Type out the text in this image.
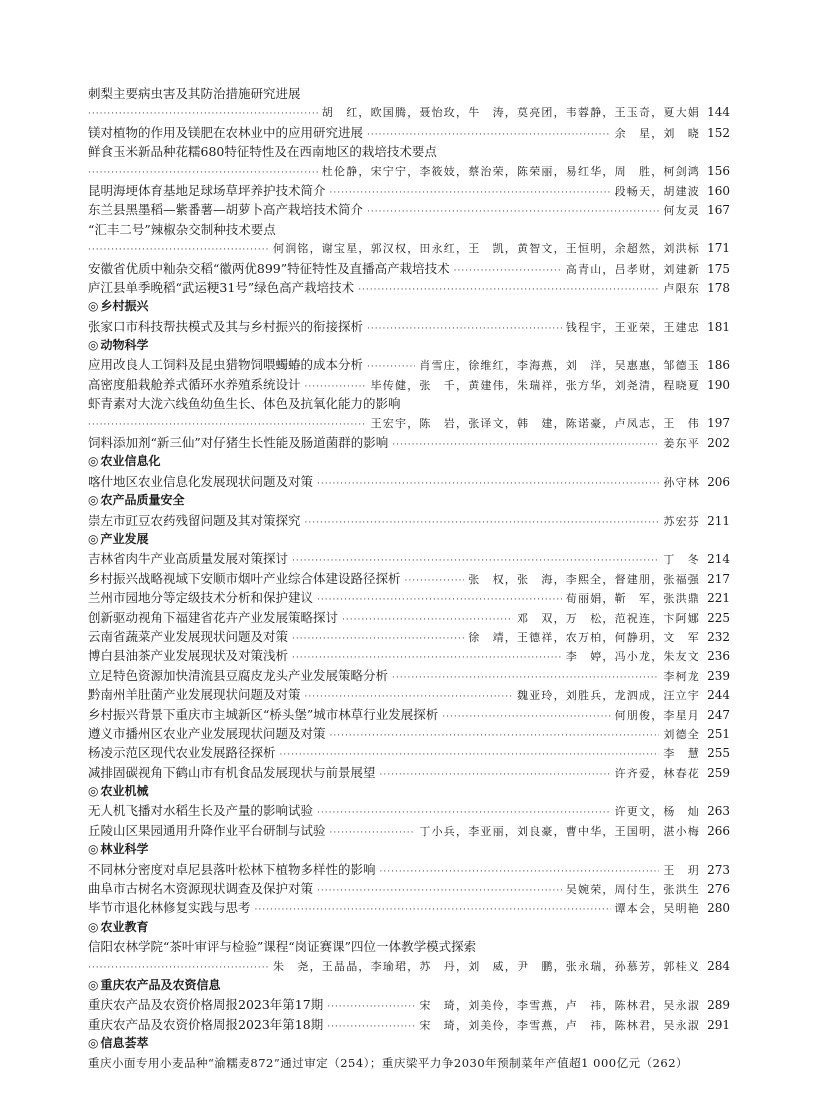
刺梨主要病虫害及其防治措施研究进展
·····
胡　红，欧国腾，聂怡玫，牛　涛，莫亮团，韦蓉静，王玉奇，夏大娟 144
镁对植物的作用及镁肥在农林业中的应用研究进展 ·····	余　星，刘　晓 152
鲜食玉米新品种花糯680特征特性及在西南地区的栽培技术要点
·····
杜伦静，宋宁宁，李筱妓，蔡治荣，陈荣丽，易红华，周　胜，柯剑鸿 156
昆明海埂体育基地足球场草坪养护技术简介 ·····	段畅天，胡建波 160
东兰县黑墨稻—紫番薯—胡萝卜高产栽培技术简介 ·····	何友灵 167
“汇丰二号”辣椒杂交制种技术要点
·····
何润铭，谢宝星，郭汉权，田永红，王　凯，黄智文，王恒明，余超然，刘洪标 171
安徽省优质中籼杂交稻“徽两优899”特征特性及直播高产栽培技术 ·····	高青山，吕孝财，刘建新 175
庐江县单季晚稻“武运粳31号”绿色高产栽培技术 ·····	卢限东 178
◎ 乡村振兴
张家口市科技帮扶模式及其与乡村振兴的衔接探析 ·····	钱程宇，王亚荣，王建忠 181
◎ 动物科学
应用改良人工饲料及昆虫猎物饲喂蠋蝽的成本分析 ·····	肖雪庄，徐维红，李海燕，刘　洋，吴惠惠，邹德玉 186
高密度船栽舱养式循环水养殖系统设计 ·····	毕传健，张　千，黄建伟，朱瑞祥，张方华，刘尧清，程晓夏 190
虾青素对大泷六线鱼幼鱼生长、体色及抗氧化能力的影响
·····
王宏宇，陈　岩，张译文，韩　建，陈诺豪，卢凤志，王　伟 197
饲料添加剂“新三仙”对仔猪生长性能及肠道菌群的影响 ·····	姜东平 202
◎ 农业信息化
喀什地区农业信息化发展现状问题及对策 ·····	孙守林 206
◎ 农产品质量安全
崇左市豇豆农药残留问题及其对策探究 ·····	苏宏芬 211
◎ 产业发展
吉林省肉牛产业高质量发展对策探讨 ·····	丁　冬 214
乡村振兴战略视域下安顺市烟叶产业综合体建设路径探析 ·····	张　权，张　海，李熙全，督建朋，张福强 217
兰州市园地分等定级技术分析和保护建议 ·····	荀丽娟，靳　军，张洪鼎 221
创新驱动视角下福建省花卉产业发展策略探讨 ·····	邓　双，万　松，范祝连，卞阿娜 225
云南省蔬菜产业发展现状问题及对策 ·····	徐　靖，王德祥，农万柏，何静玥，文　军 232
博白县油茶产业发展现状及对策浅析 ·····	李　婷，冯小龙，朱友文 236
立足特色资源加快清流县豆腐皮龙头产业发展策略分析 ·····	李柯龙 239
黔南州羊肚菌产业发展现状问题及对策 ·····	魏亚玲，刘胜兵，龙泗成，汪立宇 244
乡村振兴背景下重庆市主城新区“桥头堡”城市林草行业发展探析 ·····	何朋俊，李星月 247
遵义市播州区农业产业发展现状问题及对策 ·····	刘德全 251
杨凌示范区现代农业发展路径探析 ·····	李　慧 255
减排固碳视角下鹤山市有机食品发展现状与前景展望 ·····	许齐爱，林春花 259
◎ 农业机械
无人机飞播对水稻生长及产量的影响试验 ·····	许更文，杨　灿 263
丘陵山区果园通用升降作业平台研制与试验 ·····	丁小兵，李亚丽，刘良豪，曹中华，王国明，湛小梅 266
◎ 林业科学
不同林分密度对卓尼县落叶松林下植物多样性的影响 ·····	王　玥 273
曲阜市古树名木资源现状调查及保护对策 ·····	吴婉荣，周付生，张洪生 276
毕节市退化林修复实践与思考 ·····	谭本会，吴明艳 280
◎ 农业教育
信阳农林学院“茶叶审评与检验”课程“岗证赛课”四位一体教学模式探索
·····
朱　尧，王晶晶，李瑜珺，苏　丹，刘　威，尹　鹏，张永瑞，孙慕芳，郭桂义 284
◎ 重庆农产品及农资信息
重庆农产品及农资价格周报2023年第17期 ·····	宋　琦，刘美伶，李雪燕，卢　祎，陈林君，吴永淑 289
重庆农产品及农资价格周报2023年第18期 ·····	宋　琦，刘美伶，李雪燕，卢　祎，陈林君，吴永淑 291
◎ 信息荟萃
重庆小面专用小麦品种“渝糯麦872”通过审定（254）；重庆梁平力争2030年预制菜年产值超1 000亿元（262）
